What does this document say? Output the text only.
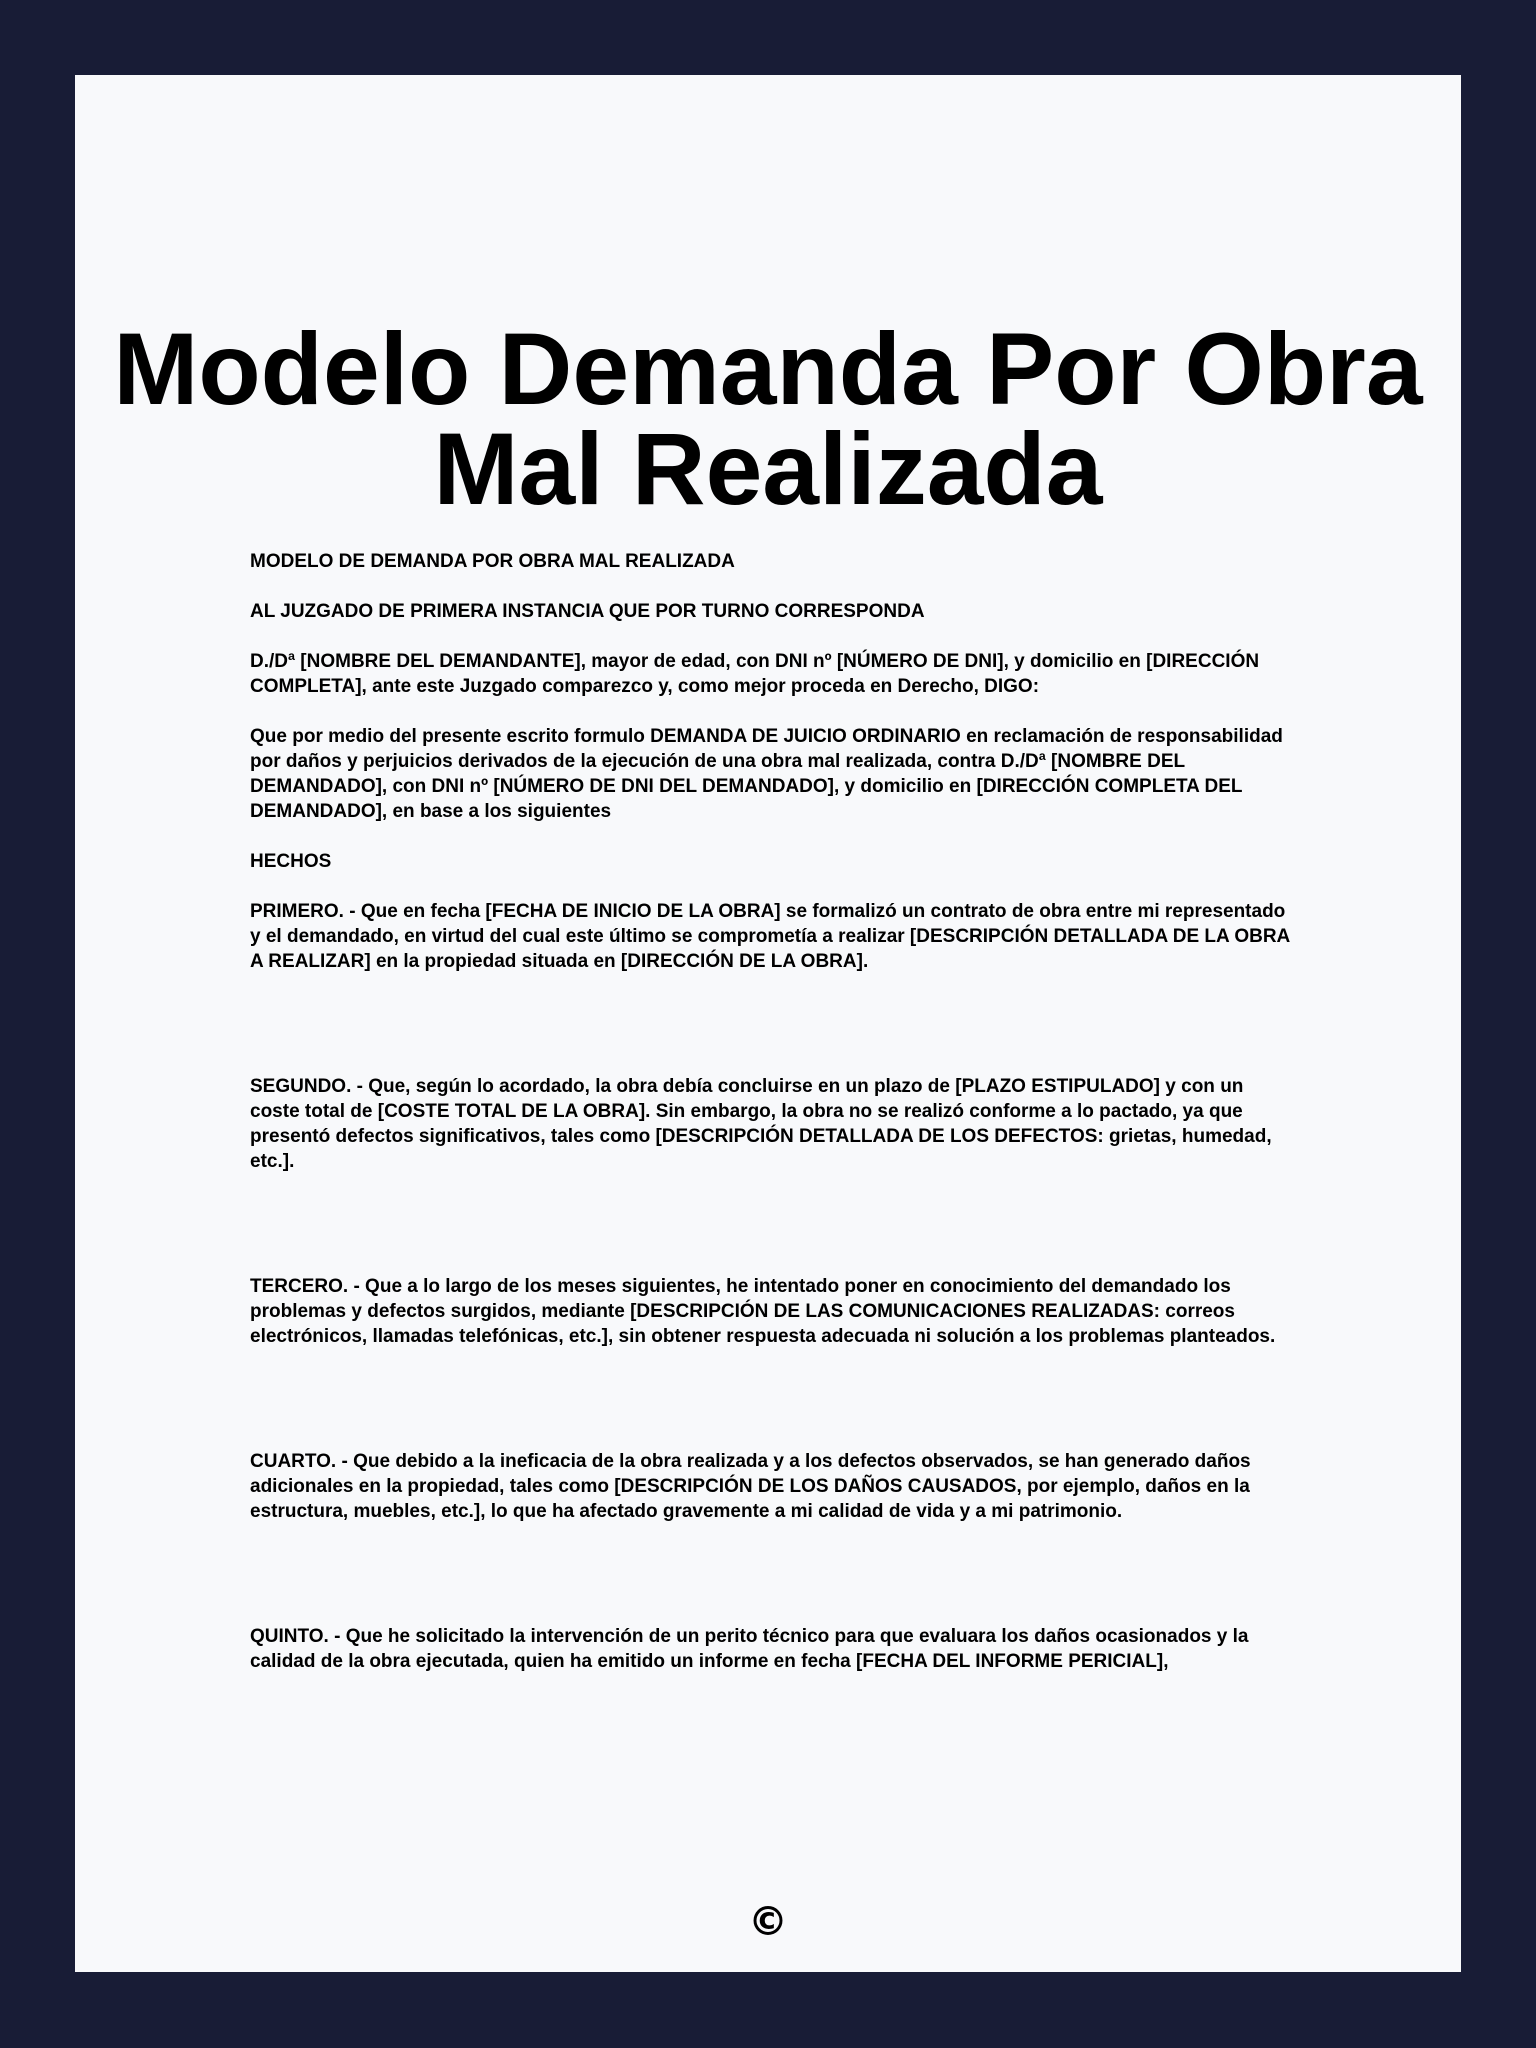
Modelo Demanda Por Obra Mal Realizada

MODELO DE DEMANDA POR OBRA MAL REALIZADA

AL JUZGADO DE PRIMERA INSTANCIA QUE POR TURNO CORRESPONDA

D./Dª [NOMBRE DEL DEMANDANTE], mayor de edad, con DNI nº [NÚMERO DE DNI], y domicilio en [DIRECCIÓN COMPLETA], ante este Juzgado comparezco y, como mejor proceda en Derecho, DIGO:

Que por medio del presente escrito formulo DEMANDA DE JUICIO ORDINARIO en reclamación de responsabilidad por daños y perjuicios derivados de la ejecución de una obra mal realizada, contra D./Dª [NOMBRE DEL DEMANDADO], con DNI nº [NÚMERO DE DNI DEL DEMANDADO], y domicilio en [DIRECCIÓN COMPLETA DEL DEMANDADO], en base a los siguientes

HECHOS

PRIMERO. - Que en fecha [FECHA DE INICIO DE LA OBRA] se formalizó un contrato de obra entre mi representado y el demandado, en virtud del cual este último se comprometía a realizar [DESCRIPCIÓN DETALLADA DE LA OBRA A REALIZAR] en la propiedad situada en [DIRECCIÓN DE LA OBRA].

SEGUNDO. - Que, según lo acordado, la obra debía concluirse en un plazo de [PLAZO ESTIPULADO] y con un coste total de [COSTE TOTAL DE LA OBRA]. Sin embargo, la obra no se realizó conforme a lo pactado, ya que presentó defectos significativos, tales como [DESCRIPCIÓN DETALLADA DE LOS DEFECTOS: grietas, humedad, etc.].

TERCERO. - Que a lo largo de los meses siguientes, he intentado poner en conocimiento del demandado los problemas y defectos surgidos, mediante [DESCRIPCIÓN DE LAS COMUNICACIONES REALIZADAS: correos electrónicos, llamadas telefónicas, etc.], sin obtener respuesta adecuada ni solución a los problemas planteados.

CUARTO. - Que debido a la ineficacia de la obra realizada y a los defectos observados, se han generado daños adicionales en la propiedad, tales como [DESCRIPCIÓN DE LOS DAÑOS CAUSADOS, por ejemplo, daños en la estructura, muebles, etc.], lo que ha afectado gravemente a mi calidad de vida y a mi patrimonio.

QUINTO. - Que he solicitado la intervención de un perito técnico para que evaluara los daños ocasionados y la calidad de la obra ejecutada, quien ha emitido un informe en fecha [FECHA DEL INFORME PERICIAL],

©
